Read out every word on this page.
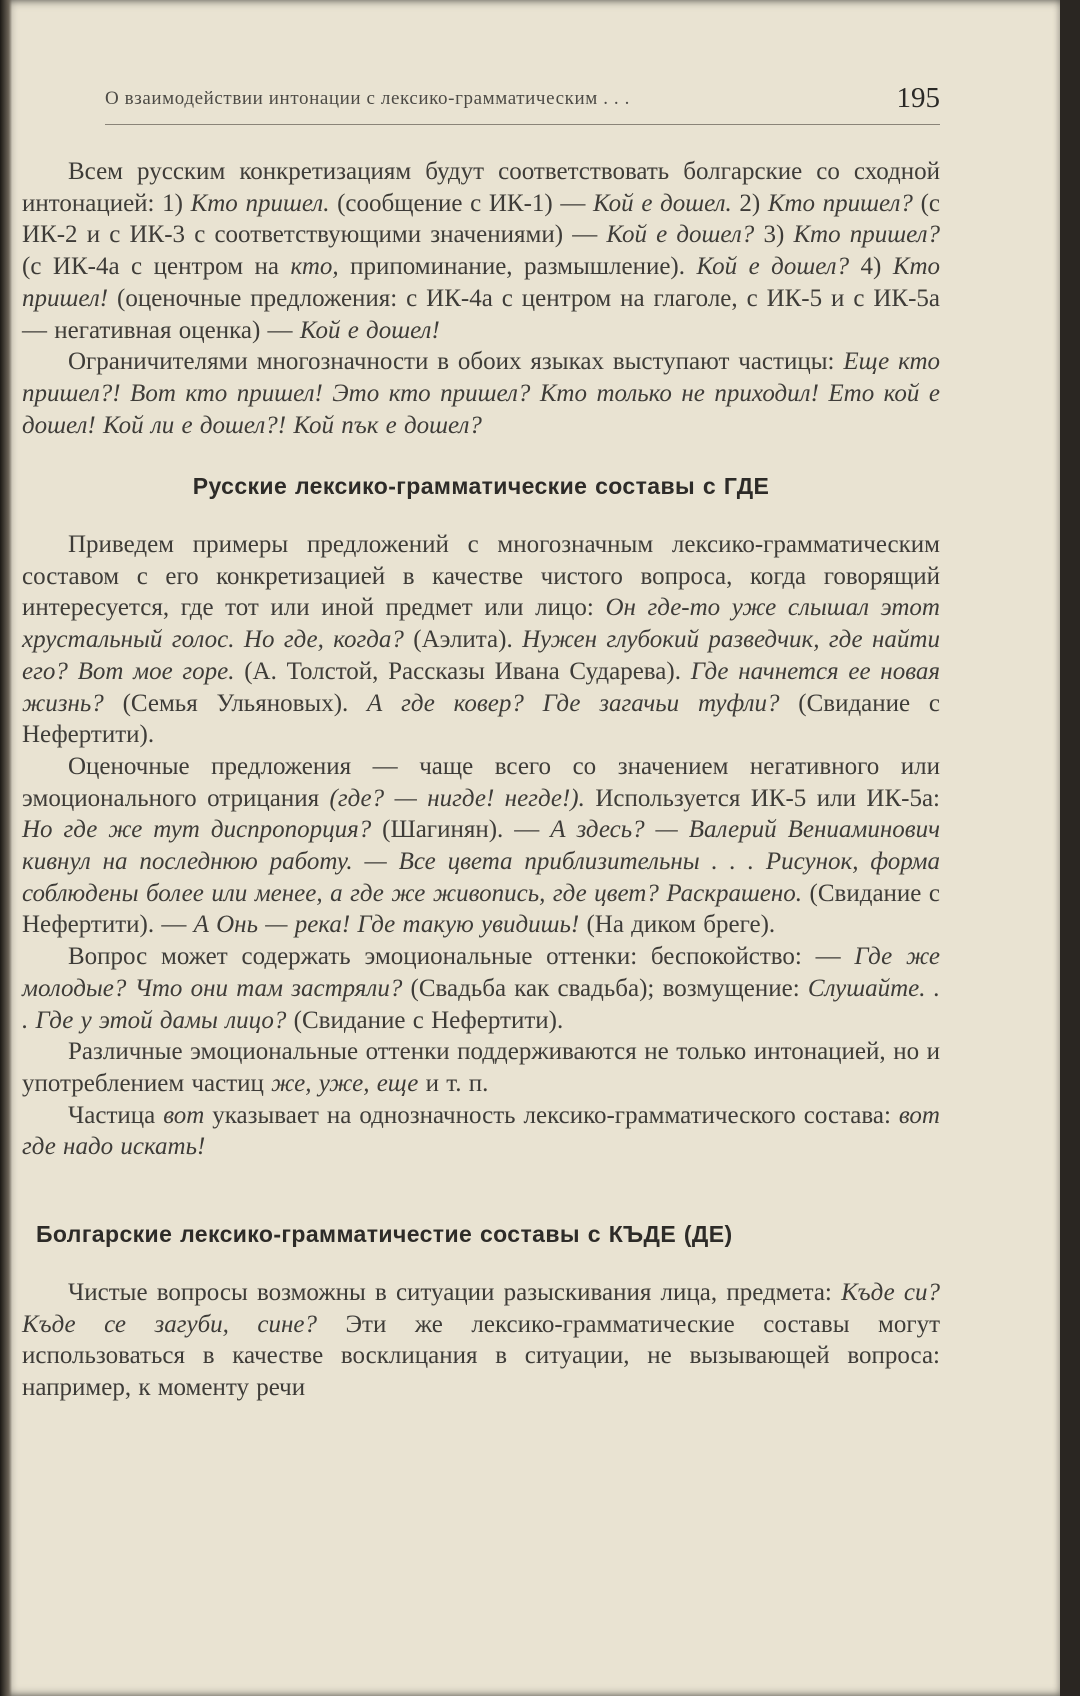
О взаимодействии интонации с лексико-грамматическим . . .	195

Всем русским конкретизациям будут соответствовать болгарские со сходной интонацией: 1) Кто пришел. (сообщение с ИК-1) — Кой е дошел. 2) Кто пришел? (с ИК-2 и с ИК-3 с соответствующими значениями) — Кой е дошел? 3) Кто пришел? (с ИК-4а с центром на кто, припоминание, размышление). Кой е дошел? 4) Кто пришел! (оценочные предложения: с ИК-4а с центром на глаголе, с ИК-5 и с ИК-5а — негативная оценка) — Кой е дошел!

Ограничителями многозначности в обоих языках выступают частицы: Еще кто пришел?! Вот кто пришел! Это кто пришел? Кто только не приходил! Ето кой е дошел! Кой ли е дошел?! Кой пък е дошел?

Русские лексико-грамматические составы с ГДЕ

Приведем примеры предложений с многозначным лексико-грамматическим составом с его конкретизацией в качестве чистого вопроса, когда говорящий интересуется, где тот или иной предмет или лицо: Он где-то уже слышал этот хрустальный голос. Но где, когда? (Аэлита). Нужен глубокий разведчик, где найти его? Вот мое горе. (А. Толстой, Рассказы Ивана Сударева). Где начнется ее новая жизнь? (Семья Ульяновых). А где ковер? Где загачьи туфли? (Свидание с Нефертити).

Оценочные предложения — чаще всего со значением негативного или эмоционального отрицания (где? — нигде! негде!). Используется ИК-5 или ИК-5а: Но где же тут диспропорция? (Шагинян). — А здесь? — Валерий Вениаминович кивнул на последнюю работу. — Все цвета приблизительны . . . Рисунок, форма соблюдены более или менее, а где же живопись, где цвет? Раскрашено. (Свидание с Нефертити). — А Онь — река! Где такую увидишь! (На диком бреге).

Вопрос может содержать эмоциональные оттенки: беспокойство: — Где же молодые? Что они там застряли? (Свадьба как свадьба); возмущение: Слушайте. . . Где у этой дамы лицо? (Свидание с Нефертити).

Различные эмоциональные оттенки поддерживаются не только интонацией, но и употреблением частиц же, уже, еще и т. п.

Частица вот указывает на однозначность лексико-грамматического состава: вот где надо искать!

Болгарские лексико-грамматичестие составы с КЪДЕ (ДЕ)

Чистые вопросы возможны в ситуации разыскивания лица, предмета: Къде си? Къде се загуби, сине? Эти же лексико-грамматические составы могут использоваться в качестве восклицания в ситуации, не вызывающей вопроса: например, к моменту речи
